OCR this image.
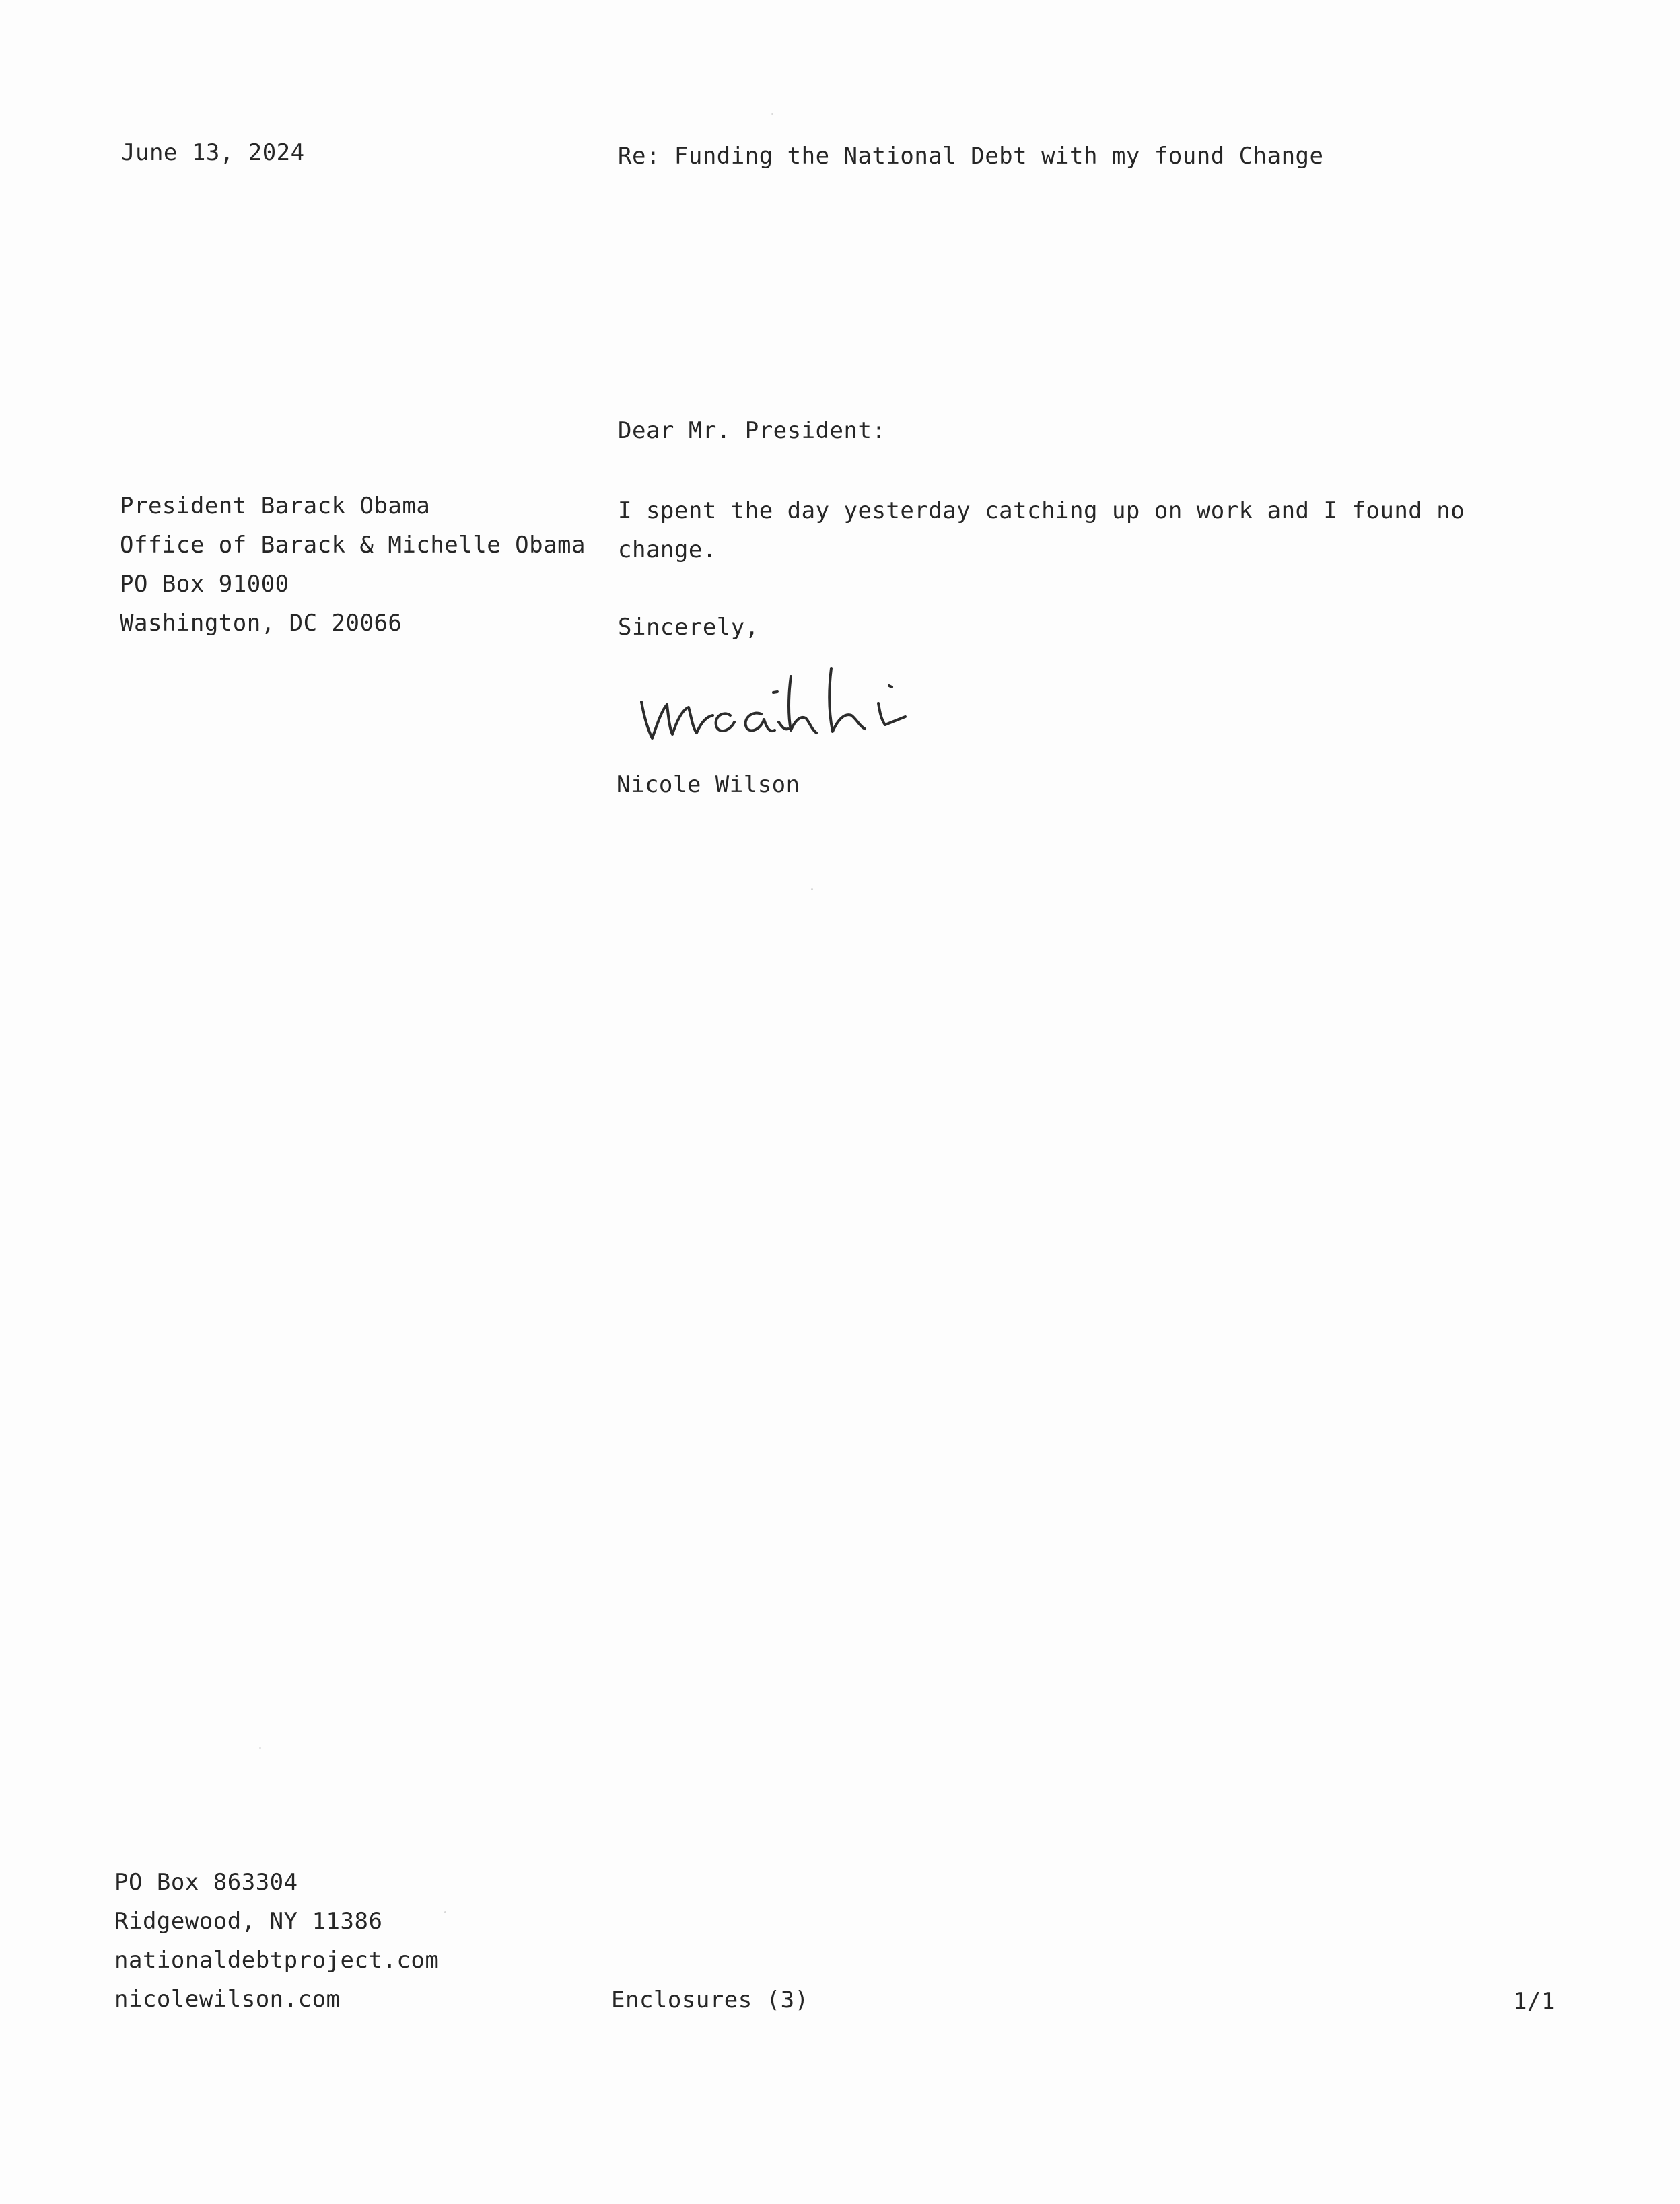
June 13, 2024	Re: Funding the National Debt with my found Change
Dear Mr. President:
President Barack Obama
Office of Barack & Michelle Obama
PO Box 91000
Washington, DC 20066
I spent the day yesterday catching up on work and I found no
change.
Sincerely,
Nicole Wilson
PO Box 863304
Ridgewood, NY 11386
nationaldebtproject.com
nicolewilson.com	Enclosures (3)	1/1
